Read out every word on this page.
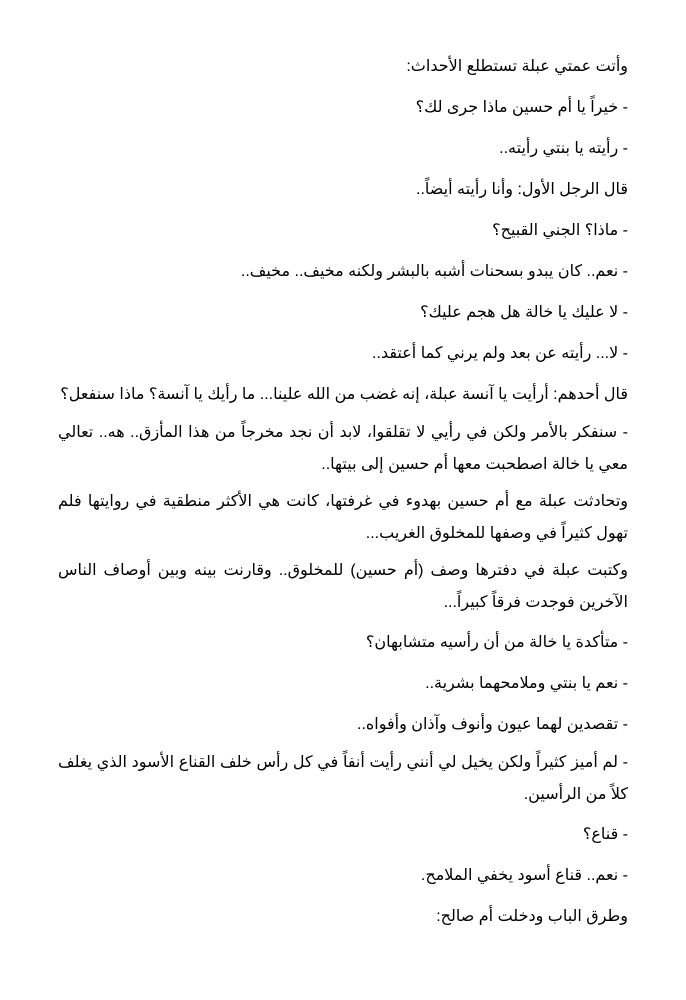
وأتت عمتي عبلة تستطلع الأحداث:

- خيراً يا أم حسين ماذا جرى لك؟

- رأيته يا بنتي رأيته..

قال الرجل الأول: وأنا رأيته أيضاً..

- ماذا؟ الجني القبيح؟

- نعم.. كان يبدو بسحنات أشبه بالبشر ولكنه مخيف.. مخيف..

- لا عليك يا خالة هل هجم عليك؟

- لا... رأيته عن بعد ولم يرني كما أعتقد..

قال أحدهم: أرأيت يا آنسة عبلة، إنه غضب من الله علينا... ما رأيك يا آنسة؟ ماذا سنفعل؟

- سنفكر بالأمر ولكن في رأيي لا تقلقوا، لابد أن نجد مخرجاً من هذا المأزق.. هه.. تعالي معي يا خالة اصطحبت معها أم حسين إلى بيتها..

وتحادثت عبلة مع أم حسين بهدوء في غرفتها، كانت هي الأكثر منطقية في روايتها فلم تهول كثيراً في وصفها للمخلوق الغريب...

وكتبت عبلة في دفترها وصف (أم حسين) للمخلوق.. وقارنت بينه وبين أوصاف الناس الآخرين فوجدت فرقاً كبيراً...

- متأكدة يا خالة من أن رأسيه متشابهان؟

- نعم يا بنتي وملامحهما بشرية..

- تقصدين لهما عيون وأنوف وآذان وأفواه..

- لم أميز كثيراً ولكن يخيل لي أنني رأيت أنفاً في كل رأس خلف القناع الأسود الذي يغلف كلاً من الرأسين.

- قناع؟

- نعم.. قناع أسود يخفي الملامح.

وطرق الباب ودخلت أم صالح:
